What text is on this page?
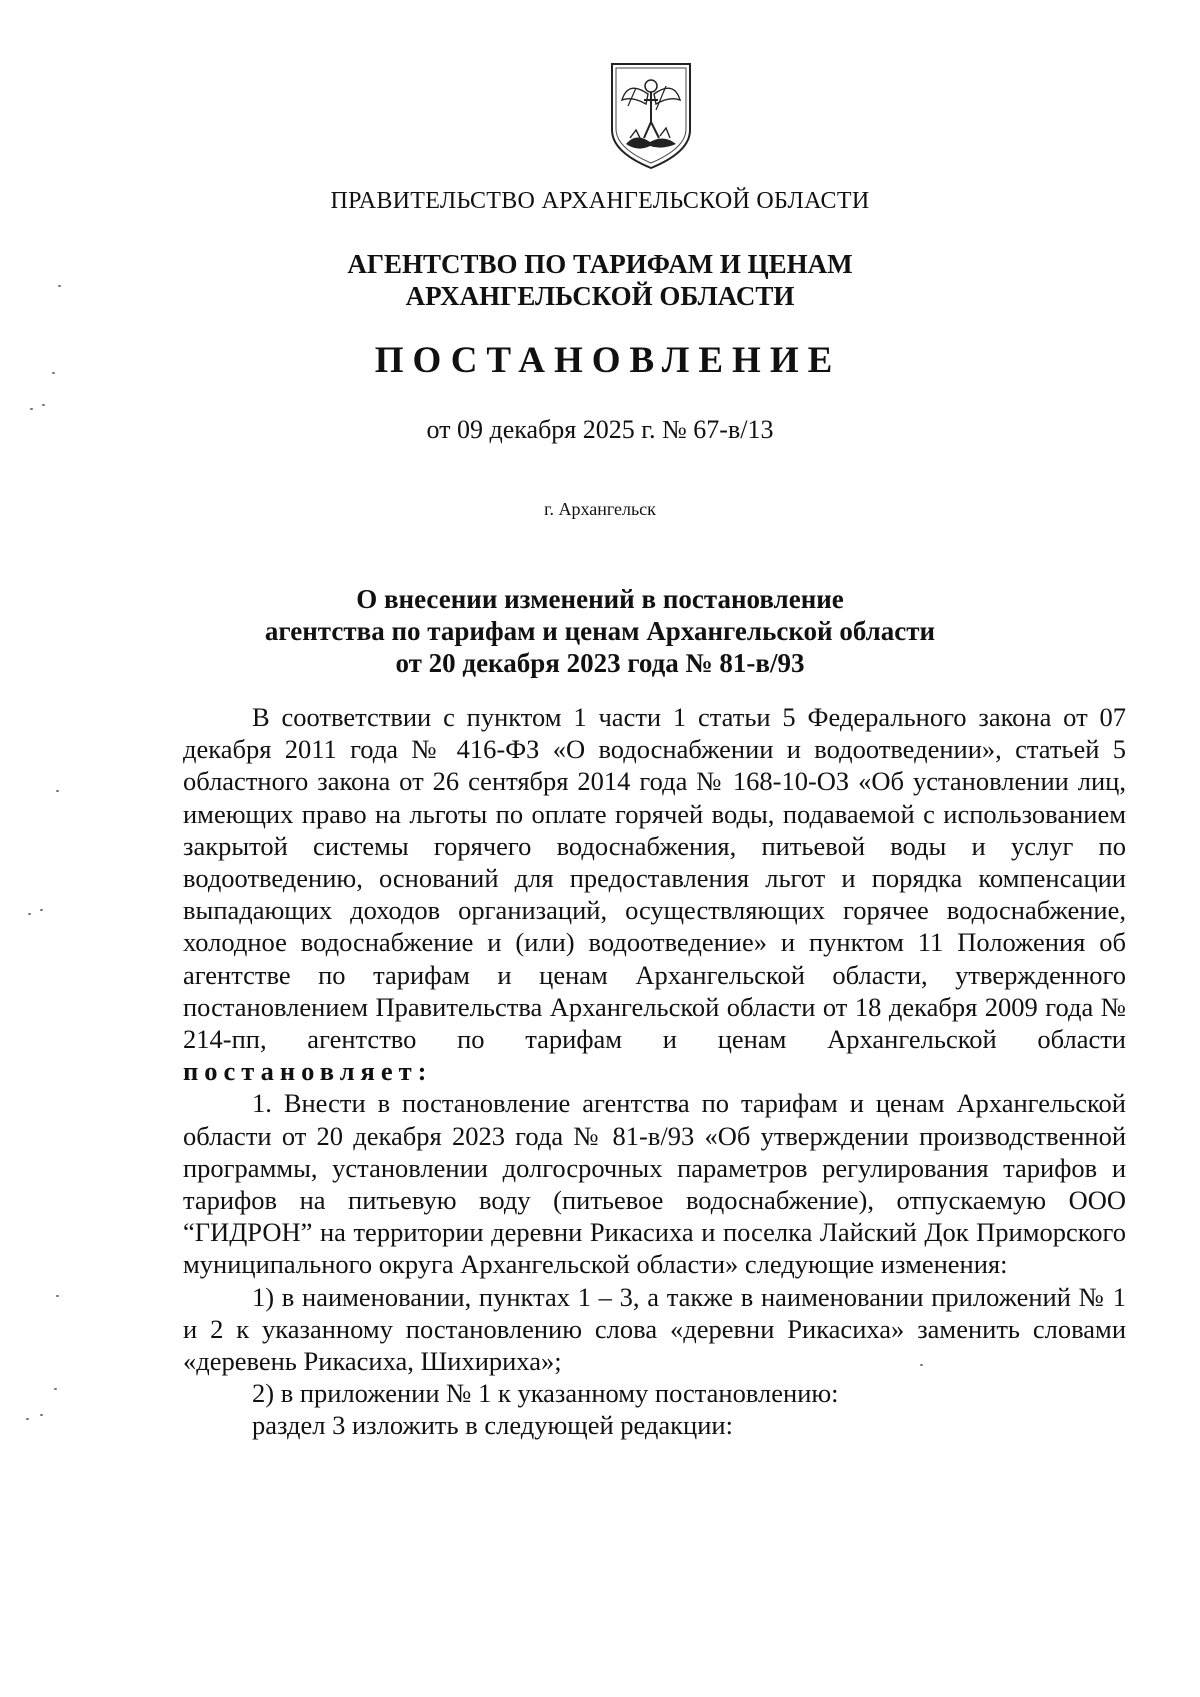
ПРАВИТЕЛЬСТВО АРХАНГЕЛЬСКОЙ ОБЛАСТИ
АГЕНТСТВО ПО ТАРИФАМ И ЦЕНАМ
АРХАНГЕЛЬСКОЙ ОБЛАСТИ
ПОСТАНОВЛЕНИЕ
от 09 декабря 2025 г. № 67-в/13
г. Архангельск
О внесении изменений в постановление
агентства по тарифам и ценам Архангельской области
от 20 декабря 2023 года № 81-в/93

В соответствии с пунктом 1 части 1 статьи 5 Федерального закона от 07 декабря 2011 года № 416-ФЗ «О водоснабжении и водоотведении», статьей 5 областного закона от 26 сентября 2014 года № 168-10-ОЗ «Об установлении лиц, имеющих право на льготы по оплате горячей воды, подаваемой с использованием закрытой системы горячего водоснабжения, питьевой воды и услуг по водоотведению, оснований для предоставления льгот и порядка компенсации выпадающих доходов организаций, осуществляющих горячее водоснабжение, холодное водоснабжение и (или) водоотведение» и пунктом 11 Положения об агентстве по тарифам и ценам Архангельской области, утвержденного постановлением Правительства Архангельской области от 18 декабря 2009 года № 214-пп, агентство по тарифам и ценам Архангельской области постановляет:

1. Внести в постановление агентства по тарифам и ценам Архангельской области от 20 декабря 2023 года № 81-в/93 «Об утверждении производственной программы, установлении долгосрочных параметров регулирования тарифов и тарифов на питьевую воду (питьевое водоснабжение), отпускаемую ООО “ГИДРОН” на территории деревни Рикасиха и поселка Лайский Док Приморского муниципального округа Архангельской области» следующие изменения:

1) в наименовании, пунктах 1 – 3, а также в наименовании приложений № 1 и 2 к указанному постановлению слова «деревни Рикасиха» заменить словами «деревень Рикасиха, Шихириха»;

2) в приложении № 1 к указанному постановлению:

раздел 3 изложить в следующей редакции:
